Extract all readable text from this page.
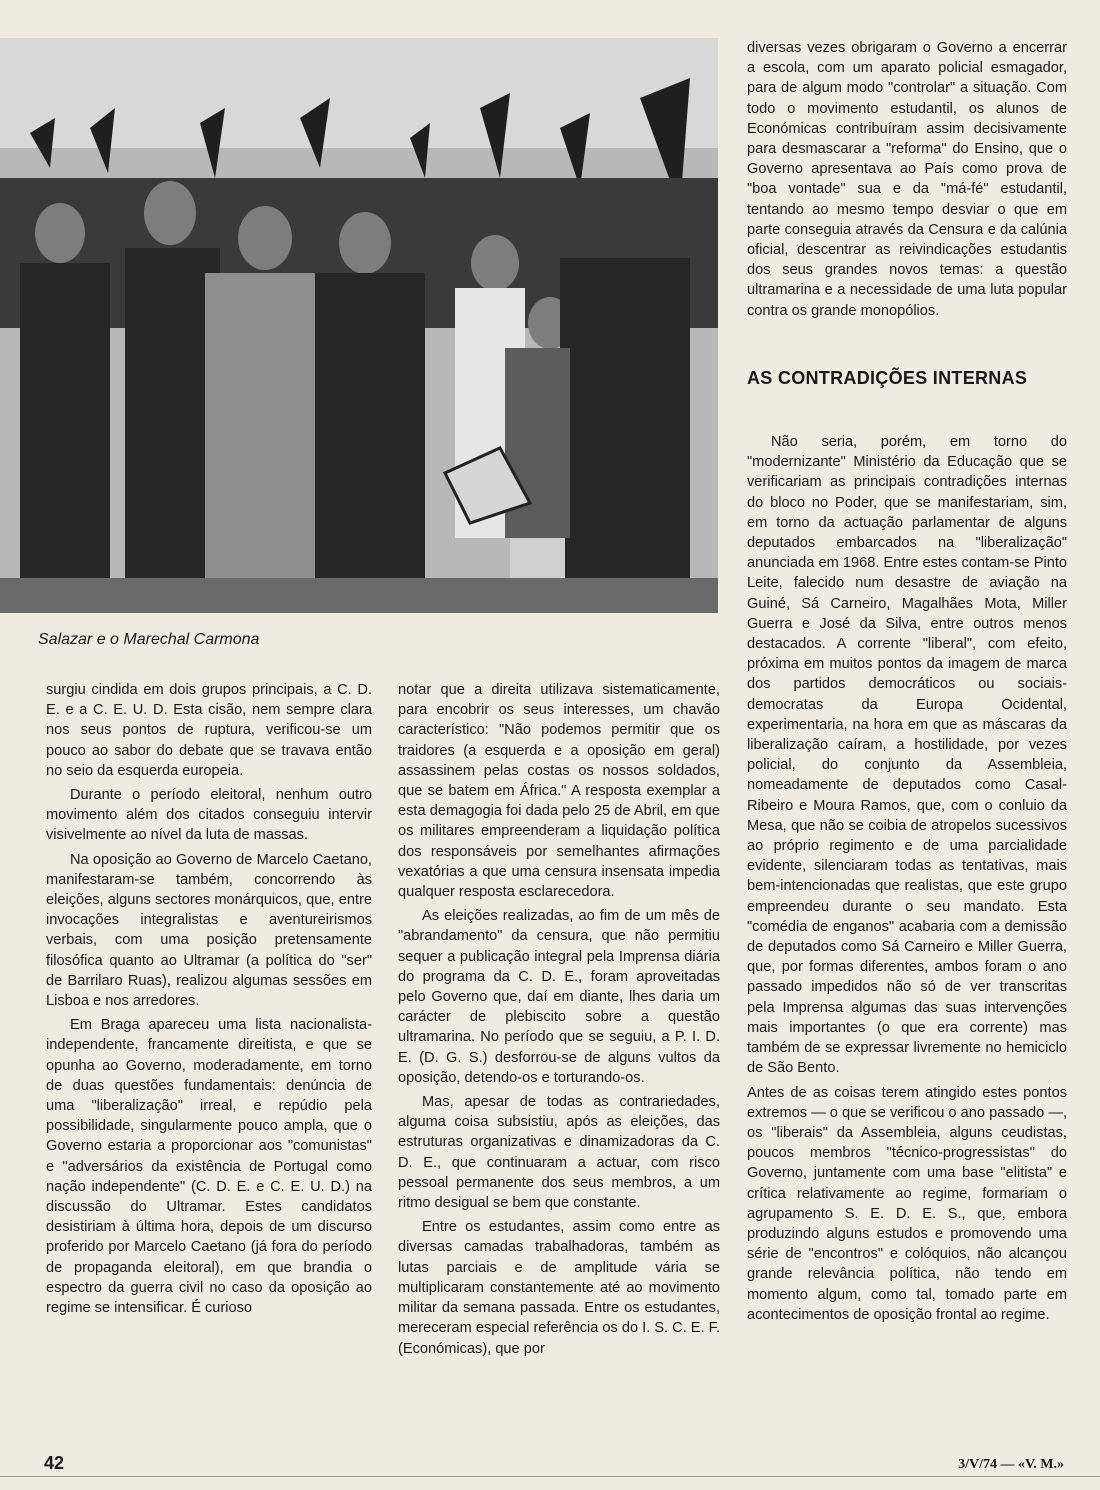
Salazar e o Marechal Carmona

surgiu cindida em dois grupos principais, a C. D. E. e a C. E. U. D. Esta cisão, nem sempre clara nos seus pontos de ruptura, verificou-se um pouco ao sabor do debate que se travava então no seio da esquerda europeia.

Durante o período eleitoral, nenhum outro movimento além dos citados conseguiu intervir visivelmente ao nível da luta de massas.

Na oposição ao Governo de Marcelo Caetano, manifestaram-se também, concorrendo às eleições, alguns sectores monárquicos, que, entre invocações integralistas e aventureirismos verbais, com uma posição pretensamente filosófica quanto ao Ultramar (a política do "ser" de Barrilaro Ruas), realizou algumas sessões em Lisboa e nos arredores.

Em Braga apareceu uma lista nacionalista-independente, francamente direitista, e que se opunha ao Governo, moderadamente, em torno de duas questões fundamentais: denúncia de uma "liberalização" irreal, e repúdio pela possibilidade, singularmente pouco ampla, que o Governo estaria a proporcionar aos "comunistas" e "adversários da existência de Portugal como nação independente" (C. D. E. e C. E. U. D.) na discussão do Ultramar. Estes candidatos desistiriam à última hora, depois de um discurso proferido por Marcelo Caetano (já fora do período de propaganda eleitoral), em que brandia o espectro da guerra civil no caso da oposição ao regime se intensificar. É curioso

notar que a direita utilizava sistematicamente, para encobrir os seus interesses, um chavão característico: "Não podemos permitir que os traidores (a esquerda e a oposição em geral) assassinem pelas costas os nossos soldados, que se batem em África." A resposta exemplar a esta demagogia foi dada pelo 25 de Abril, em que os militares empreenderam a liquidação política dos responsáveis por semelhantes afirmações vexatórias a que uma censura insensata impedia qualquer resposta esclarecedora.

As eleições realizadas, ao fim de um mês de "abrandamento" da censura, que não permitiu sequer a publicação integral pela Imprensa diária do programa da C. D. E., foram aproveitadas pelo Governo que, daí em diante, lhes daria um carácter de plebiscito sobre a questão ultramarina. No período que se seguiu, a P. I. D. E. (D. G. S.) desforrou-se de alguns vultos da oposição, detendo-os e torturando-os.

Mas, apesar de todas as contrariedades, alguma coisa subsistiu, após as eleições, das estruturas organizativas e dinamizadoras da C. D. E., que continuaram a actuar, com risco pessoal permanente dos seus membros, a um ritmo desigual se bem que constante.

Entre os estudantes, assim como entre as diversas camadas trabalhadoras, também as lutas parciais e de amplitude vária se multiplicaram constantemente até ao movimento militar da semana passada. Entre os estudantes, mereceram especial referência os do I. S. C. E. F. (Económicas), que por

diversas vezes obrigaram o Governo a encerrar a escola, com um aparato policial esmagador, para de algum modo "controlar" a situação. Com todo o movimento estudantil, os alunos de Económicas contribuíram assim decisivamente para desmascarar a "reforma" do Ensino, que o Governo apresentava ao País como prova de "boa vontade" sua e da "má-fé" estudantil, tentando ao mesmo tempo desviar o que em parte conseguia através da Censura e da calúnia oficial, descentrar as reivindicações estudantis dos seus grandes novos temas: a questão ultramarina e a necessidade de uma luta popular contra os grande monopólios.

AS CONTRADIÇÕES INTERNAS

Não seria, porém, em torno do "modernizante" Ministério da Educação que se verificariam as principais contradições internas do bloco no Poder, que se manifestariam, sim, em torno da actuação parlamentar de alguns deputados embarcados na "liberalização" anunciada em 1968. Entre estes contam-se Pinto Leite, falecido num desastre de aviação na Guiné, Sá Carneiro, Magalhães Mota, Miller Guerra e José da Silva, entre outros menos destacados. A corrente "liberal", com efeito, próxima em muitos pontos da imagem de marca dos partidos democráticos ou sociais-democratas da Europa Ocidental, experimentaria, na hora em que as máscaras da liberalização caíram, a hostilidade, por vezes policial, do conjunto da Assembleia, nomeadamente de deputados como Casal-Ribeiro e Moura Ramos, que, com o conluio da Mesa, que não se coibia de atropelos sucessivos ao próprio regimento e de uma parcialidade evidente, silenciaram todas as tentativas, mais bem-intencionadas que realistas, que este grupo empreendeu durante o seu mandato. Esta "comédia de enganos" acabaria com a demissão de deputados como Sá Carneiro e Miller Guerra, que, por formas diferentes, ambos foram o ano passado impedidos não só de ver transcritas pela Imprensa algumas das suas intervenções mais importantes (o que era corrente) mas também de se expressar livremente no hemiciclo de São Bento.

Antes de as coisas terem atingido estes pontos extremos — o que se verificou o ano passado —, os "liberais" da Assembleia, alguns ceudistas, poucos membros "técnico-progressistas" do Governo, juntamente com uma base "elitista" e crítica relativamente ao regime, formariam o agrupamento S. E. D. E. S., que, embora produzindo alguns estudos e promovendo uma série de "encontros" e colóquios, não alcançou grande relevância política, não tendo em momento algum, como tal, tomado parte em acontecimentos de oposição frontal ao regime.

42	3/V/74 — «V. M.»
